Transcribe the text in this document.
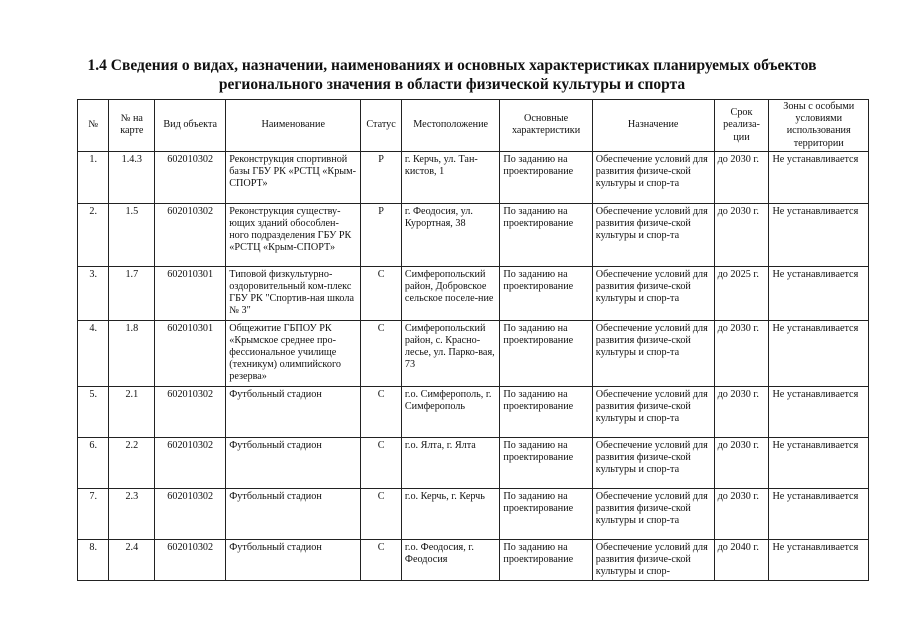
1.4 Сведения о видах, назначении, наименованиях и основных характеристиках планируемых объектов
регионального значения в области физической культуры и спорта
№	№ на карте	Вид объекта	Наименование	Статус	Местоположение	Основные характеристики	Назначение	Срок реализа-ции	Зоны с особыми условиями использования территории
1.	1.4.3	602010302	Реконструкция спортивной базы ГБУ РК «РСТЦ «Крым-СПОРТ»	Р	г. Керчь, ул. Тан-кистов, 1	По заданию на проектирование	Обеспечение условий для развития физиче-ской культуры и спор-та	до 2030 г.	Не устанавливается
2.	1.5	602010302	Реконструкция существу-ющих зданий обособлен-ного подразделения ГБУ РК «РСТЦ «Крым-СПОРТ»	Р	г. Феодосия, ул. Курортная, 38	По заданию на проектирование	Обеспечение условий для развития физиче-ской культуры и спор-та	до 2030 г.	Не устанавливается
3.	1.7	602010301	Типовой физкультурно-оздоровительный ком-плекс ГБУ РК "Спортив-ная школа № 3"	С	Симферопольский район, Добровское сельское поселе-ние	По заданию на проектирование	Обеспечение условий для развития физиче-ской культуры и спор-та	до 2025 г.	Не устанавливается
4.	1.8	602010301	Общежитие ГБПОУ РК «Крымское среднее про-фессиональное училище (техникум) олимпийского резерва»	С	Симферопольский район, с. Красно-лесье, ул. Парко-вая, 73	По заданию на проектирование	Обеспечение условий для развития физиче-ской культуры и спор-та	до 2030 г.	Не устанавливается
5.	2.1	602010302	Футбольный стадион	С	г.о. Симферополь, г. Симферополь	По заданию на проектирование	Обеспечение условий для развития физиче-ской культуры и спор-та	до 2030 г.	Не устанавливается
6.	2.2	602010302	Футбольный стадион	С	г.о. Ялта, г. Ялта	По заданию на проектирование	Обеспечение условий для развития физиче-ской культуры и спор-та	до 2030 г.	Не устанавливается
7.	2.3	602010302	Футбольный стадион	С	г.о. Керчь, г. Керчь	По заданию на проектирование	Обеспечение условий для развития физиче-ской культуры и спор-та	до 2030 г.	Не устанавливается
8.	2.4	602010302	Футбольный стадион	С	г.о. Феодосия, г. Феодосия	По заданию на проектирование	Обеспечение условий для развития физиче-ской культуры и спор-	до 2040 г.	Не устанавливается
